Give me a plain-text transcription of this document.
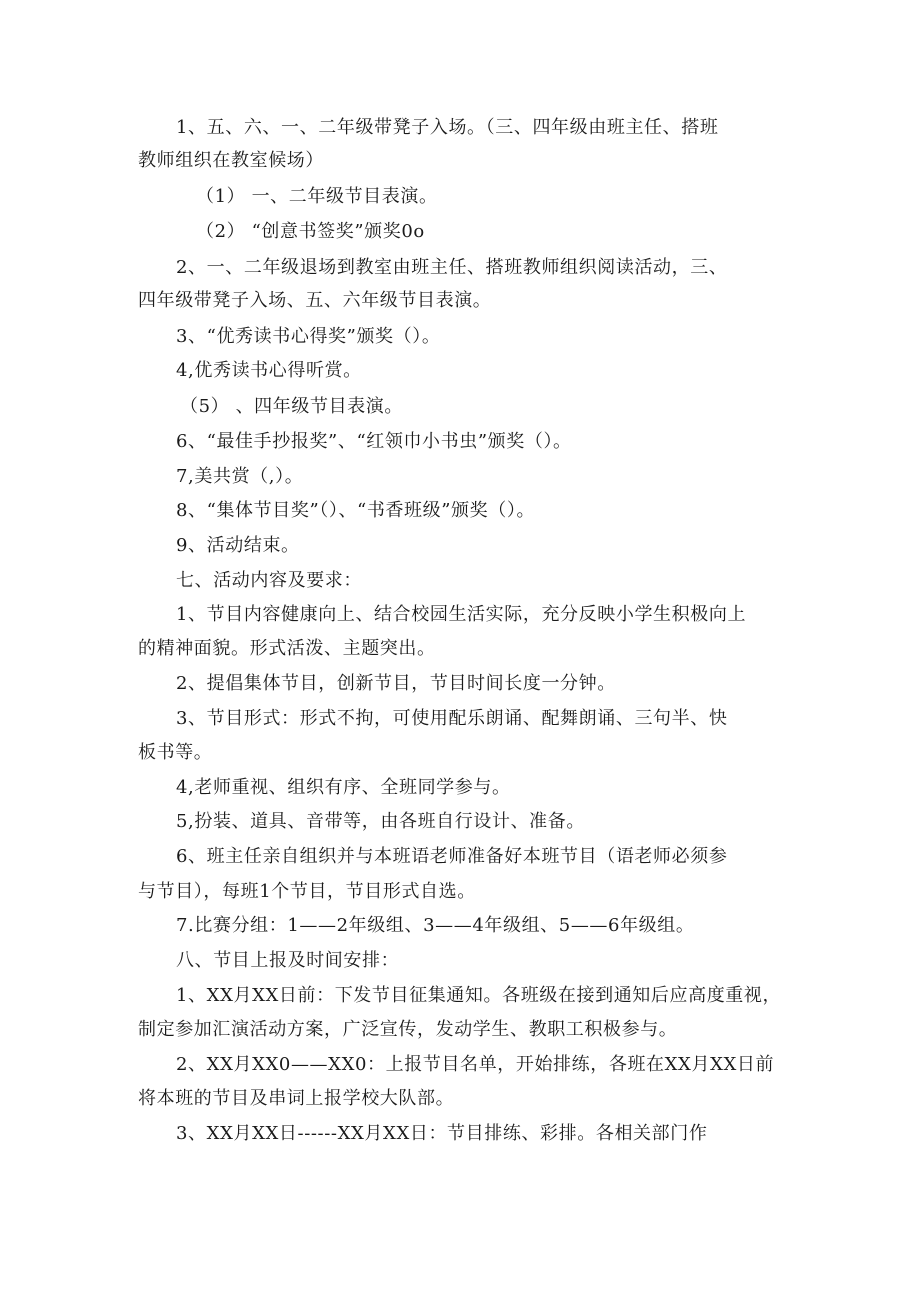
1、五、六、一、二年级带凳子入场。（三、四年级由班主任、搭班
教师组织在教室候场）
（1） 一、二年级节目表演。
（2） “创意书签奖”颁奖0o
2、一、二年级退场到教室由班主任、搭班教师组织阅读活动，三、
四年级带凳子入场、五、六年级节目表演。
3、“优秀读书心得奖”颁奖（）。
4,优秀读书心得听赏。
（5） 、四年级节目表演。
6、“最佳手抄报奖”、“红领巾小书虫”颁奖（）。
7,美共赏（,）。
8、“集体节目奖”（）、“书香班级”颁奖（）。
9、活动结束。
七、活动内容及要求：
1、节目内容健康向上、结合校园生活实际，充分反映小学生积极向上
的精神面貌。形式活泼、主题突出。
2、提倡集体节目，创新节目，节目时间长度一分钟。
3、节目形式：形式不拘，可使用配乐朗诵、配舞朗诵、三句半、快
板书等。
4,老师重视、组织有序、全班同学参与。
5,扮装、道具、音带等，由各班自行设计、准备。
6、班主任亲自组织并与本班语老师准备好本班节目（语老师必须参
与节目），每班1个节目，节目形式自选。
7.比赛分组：1——2年级组、3——4年级组、5——6年级组。
八、节目上报及时间安排：
1、XX月XX日前：下发节目征集通知。各班级在接到通知后应高度重视，
制定参加汇演活动方案，广泛宣传，发动学生、教职工积极参与。
2、XX月XX0——XX0：上报节目名单，开始排练，各班在XX月XX日前
将本班的节目及串词上报学校大队部。
3、XX月XX日------XX月XX日：节目排练、彩排。各相关部门作
